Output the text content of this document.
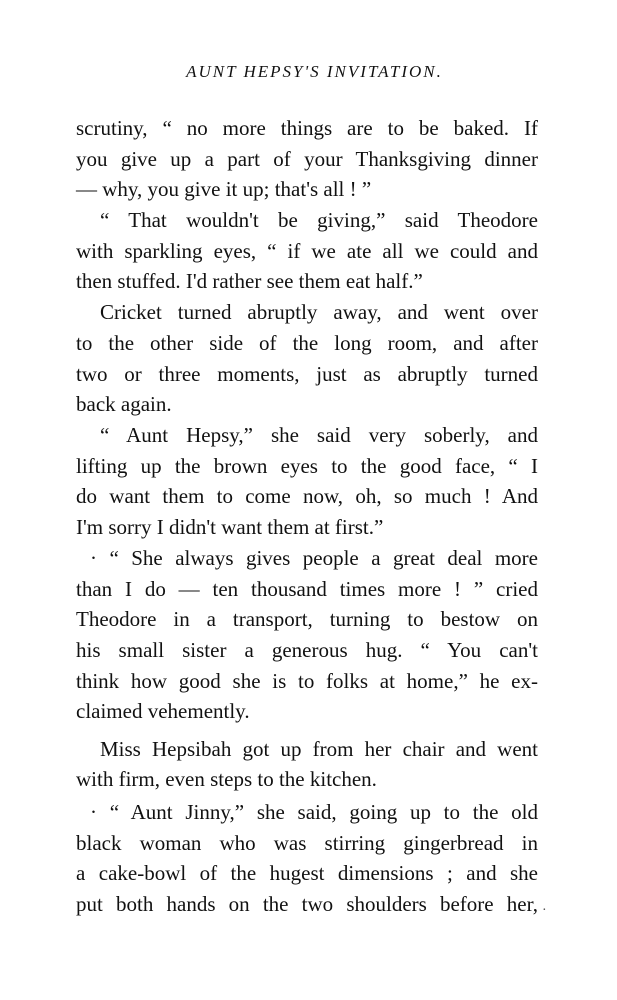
AUNT HEPSY'S INVITATION.
scrutiny, “ no more things are to be baked. If
you give up a part of your Thanksgiving dinner
— why, you give it up; that's all ! ”
“ That wouldn't be giving,” said Theodore
with sparkling eyes, “ if we ate all we could and
then stuffed. I'd rather see them eat half.”
Cricket turned abruptly away, and went over
to the other side of the long room, and after
two or three moments, just as abruptly turned
back again.
“ Aunt Hepsy,” she said very soberly, and
lifting up the brown eyes to the good face, “ I
do want them to come now, oh, so much ! And
I'm sorry I didn't want them at first.”
· “ She always gives people a great deal more
than I do — ten thousand times more ! ” cried
Theodore in a transport, turning to bestow on
his small sister a generous hug. “ You can't
think how good she is to folks at home,” he ex-
claimed vehemently.
Miss Hepsibah got up from her chair and went
with firm, even steps to the kitchen.
· “ Aunt Jinny,” she said, going up to the old
black woman who was stirring gingerbread in
a cake-bowl of the hugest dimensions ; and she
put both hands on the two shoulders before her, ·
